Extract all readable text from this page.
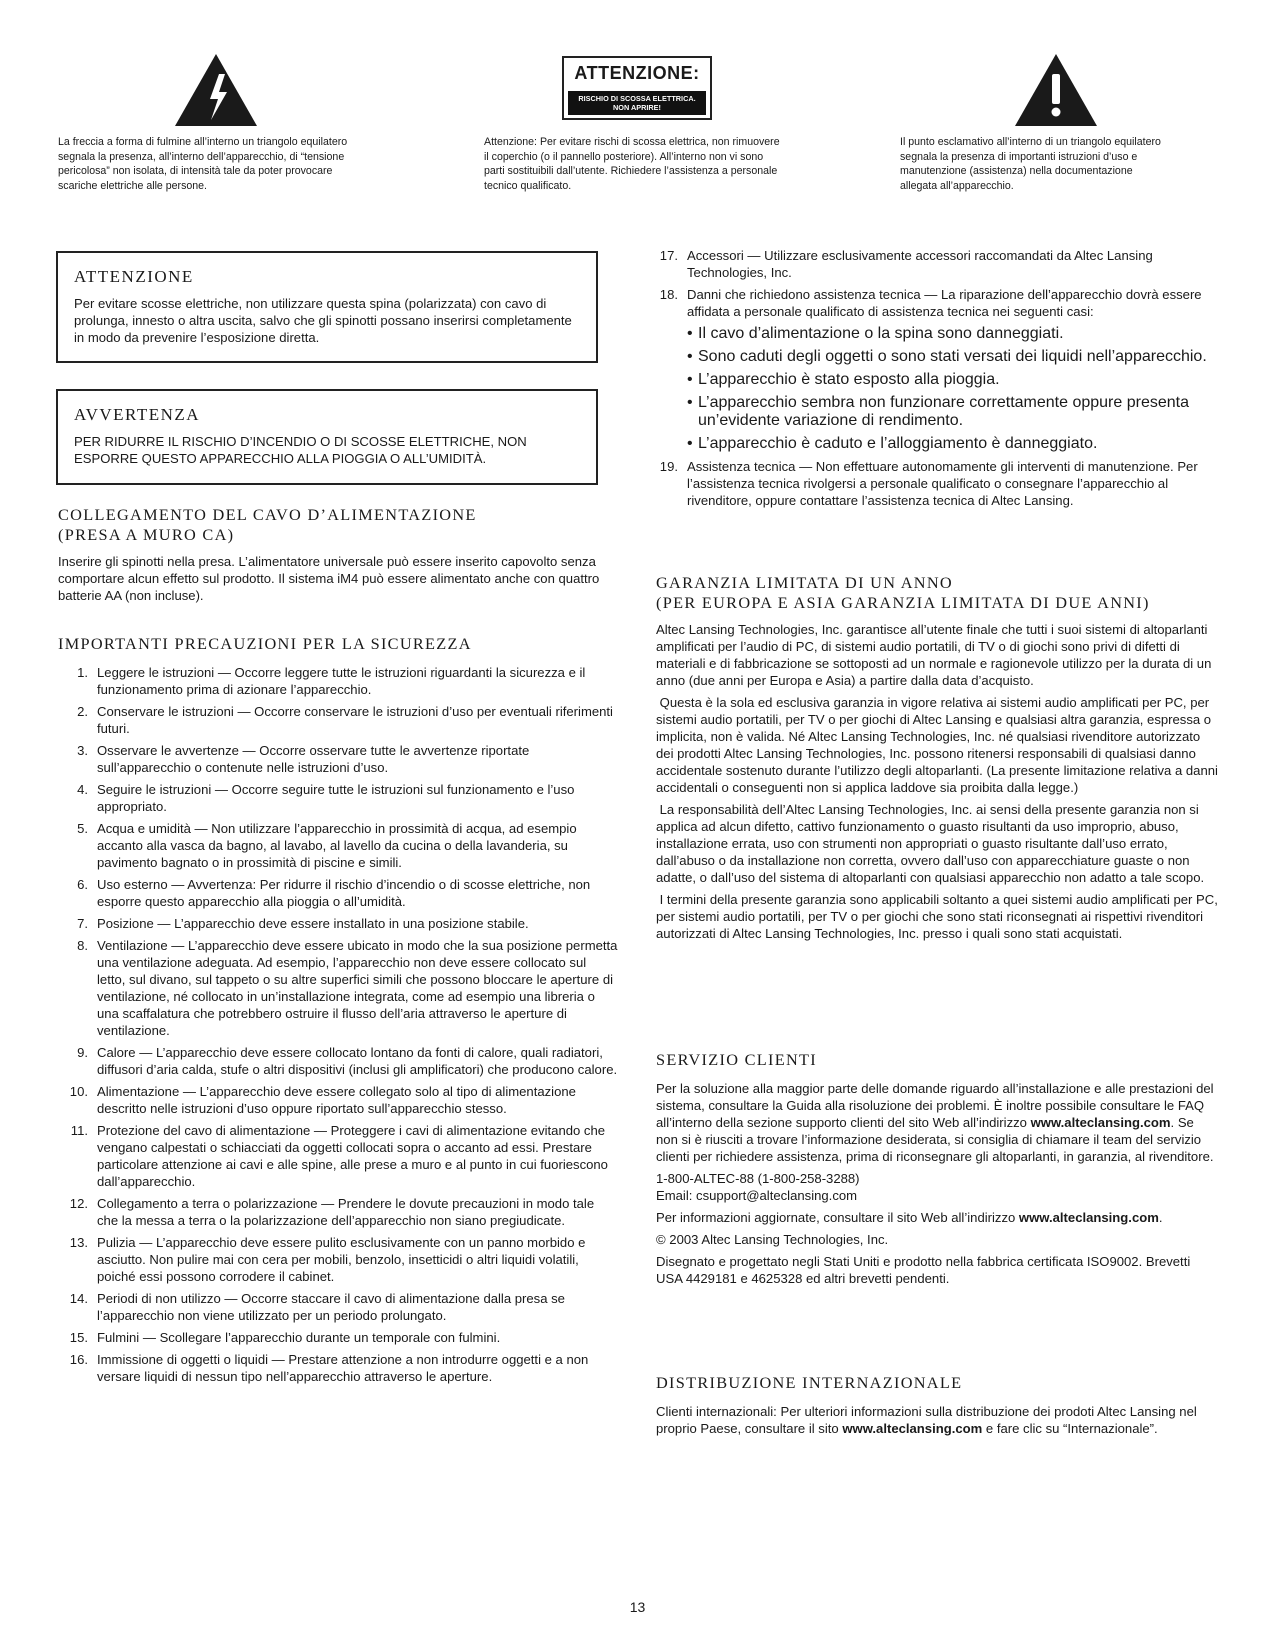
La freccia a forma di fulmine all’interno un triangolo equilatero segnala la presenza, all’interno dell’apparecchio, di “tensione pericolosa” non isolata, di intensità tale da poter provocare scariche elettriche alle persone.
ATTENZIONE:
RISCHIO DI SCOSSA ELETTRICA.
NON APRIRE!
Attenzione: Per evitare rischi di scossa elettrica, non rimuovere il coperchio (o il pannello posteriore). All’interno non vi sono parti sostituibili dall’utente. Richiedere l’assistenza a personale tecnico qualificato.
Il punto esclamativo all’interno di un triangolo equilatero segnala la presenza di importanti istruzioni d’uso e manutenzione (assistenza) nella documentazione allegata all’apparecchio.
ATTENZIONE
Per evitare scosse elettriche, non utilizzare questa spina (polarizzata) con cavo di prolunga, innesto o altra uscita, salvo che gli spinotti possano inserirsi completamente in modo da prevenire l’esposizione diretta.
AVVERTENZA
PER RIDURRE IL RISCHIO D’INCENDIO O DI SCOSSE ELETTRICHE, NON ESPORRE QUESTO APPARECCHIO ALLA PIOGGIA O ALL’UMIDITÀ.
COLLEGAMENTO DEL CAVO D’ALIMENTAZIONE
(PRESA A MURO CA)

Inserire gli spinotti nella presa. L’alimentatore universale può essere inserito capovolto senza comportare alcun effetto sul prodotto. Il sistema iM4 può essere alimentato anche con quattro batterie AA (non incluse).

IMPORTANTI PRECAUZIONI PER LA SICUREZZA
1. Leggere le istruzioni — Occorre leggere tutte le istruzioni riguardanti la sicurezza e il funzionamento prima di azionare l’apparecchio.
2. Conservare le istruzioni — Occorre conservare le istruzioni d’uso per eventuali riferimenti futuri.
3. Osservare le avvertenze — Occorre osservare tutte le avvertenze riportate sull’apparecchio o contenute nelle istruzioni d’uso.
4. Seguire le istruzioni — Occorre seguire tutte le istruzioni sul funzionamento e l’uso appropriato.
5. Acqua e umidità — Non utilizzare l’apparecchio in prossimità di acqua, ad esempio accanto alla vasca da bagno, al lavabo, al lavello da cucina o della lavanderia, su pavimento bagnato o in prossimità di piscine e simili.
6. Uso esterno — Avvertenza: Per ridurre il rischio d’incendio o di scosse elettriche, non esporre questo apparecchio alla pioggia o all’umidità.
7. Posizione — L’apparecchio deve essere installato in una posizione stabile.
8. Ventilazione — L’apparecchio deve essere ubicato in modo che la sua posizione permetta una ventilazione adeguata. Ad esempio, l’apparecchio non deve essere collocato sul letto, sul divano, sul tappeto o su altre superfici simili che possono bloccare le aperture di ventilazione, né collocato in un’installazione integrata, come ad esempio una libreria o una scaffalatura che potrebbero ostruire il flusso dell’aria attraverso le aperture di ventilazione.
9. Calore — L’apparecchio deve essere collocato lontano da fonti di calore, quali radiatori, diffusori d’aria calda, stufe o altri dispositivi (inclusi gli amplificatori) che producono calore.
10. Alimentazione — L’apparecchio deve essere collegato solo al tipo di alimentazione descritto nelle istruzioni d’uso oppure riportato sull’apparecchio stesso.
11. Protezione del cavo di alimentazione — Proteggere i cavi di alimentazione evitando che vengano calpestati o schiacciati da oggetti collocati sopra o accanto ad essi. Prestare particolare attenzione ai cavi e alle spine, alle prese a muro e al punto in cui fuoriescono dall’apparecchio.
12. Collegamento a terra o polarizzazione — Prendere le dovute precauzioni in modo tale che la messa a terra o la polarizzazione dell’apparecchio non siano pregiudicate.
13. Pulizia — L’apparecchio deve essere pulito esclusivamente con un panno morbido e asciutto. Non pulire mai con cera per mobili, benzolo, insetticidi o altri liquidi volatili, poiché essi possono corrodere il cabinet.
14. Periodi di non utilizzo — Occorre staccare il cavo di alimentazione dalla presa se l’apparecchio non viene utilizzato per un periodo prolungato.
15. Fulmini — Scollegare l’apparecchio durante un temporale con fulmini.
16. Immissione di oggetti o liquidi — Prestare attenzione a non introdurre oggetti e a non versare liquidi di nessun tipo nell’apparecchio attraverso le aperture.
17. Accessori — Utilizzare esclusivamente accessori raccomandati da Altec Lansing Technologies, Inc.
18. Danni che richiedono assistenza tecnica — La riparazione dell’apparecchio dovrà essere affidata a personale qualificato di assistenza tecnica nei seguenti casi:
• Il cavo d’alimentazione o la spina sono danneggiati.
• Sono caduti degli oggetti o sono stati versati dei liquidi nell’apparecchio.
• L’apparecchio è stato esposto alla pioggia.
• L’apparecchio sembra non funzionare correttamente oppure presenta un’evidente variazione di rendimento.
• L’apparecchio è caduto e l’alloggiamento è danneggiato.
19. Assistenza tecnica — Non effettuare autonomamente gli interventi di manutenzione. Per l’assistenza tecnica rivolgersi a personale qualificato o consegnare l’apparecchio al rivenditore, oppure contattare l’assistenza tecnica di Altec Lansing.
GARANZIA LIMITATA DI UN ANNO
(PER EUROPA E ASIA GARANZIA LIMITATA DI DUE ANNI)

Altec Lansing Technologies, Inc. garantisce all’utente finale che tutti i suoi sistemi di altoparlanti amplificati per l’audio di PC, di sistemi audio portatili, di TV o di giochi sono privi di difetti di materiali e di fabbricazione se sottoposti ad un normale e ragionevole utilizzo per la durata di un anno (due anni per Europa e Asia) a partire dalla data d’acquisto.

Questa è la sola ed esclusiva garanzia in vigore relativa ai sistemi audio amplificati per PC, per sistemi audio portatili, per TV o per giochi di Altec Lansing e qualsiasi altra garanzia, espressa o implicita, non è valida. Né Altec Lansing Technologies, Inc. né qualsiasi rivenditore autorizzato dei prodotti Altec Lansing Technologies, Inc. possono ritenersi responsabili di qualsiasi danno accidentale sostenuto durante l’utilizzo degli altoparlanti. (La presente limitazione relativa a danni accidentali o conseguenti non si applica laddove sia proibita dalla legge.)

La responsabilità dell’Altec Lansing Technologies, Inc. ai sensi della presente garanzia non si applica ad alcun difetto, cattivo funzionamento o guasto risultanti da uso improprio, abuso, installazione errata, uso con strumenti non appropriati o guasto risultante dall’uso errato, dall’abuso o da installazione non corretta, ovvero dall’uso con apparecchiature guaste o non adatte, o dall’uso del sistema di altoparlanti con qualsiasi apparecchio non adatto a tale scopo.

I termini della presente garanzia sono applicabili soltanto a quei sistemi audio amplificati per PC, per sistemi audio portatili, per TV o per giochi che sono stati riconsegnati ai rispettivi rivenditori autorizzati di Altec Lansing Technologies, Inc. presso i quali sono stati acquistati.

SERVIZIO CLIENTI

Per la soluzione alla maggior parte delle domande riguardo all’installazione e alle prestazioni del sistema, consultare la Guida alla risoluzione dei problemi. È inoltre possibile consultare le FAQ all’interno della sezione supporto clienti del sito Web all’indirizzo www.alteclansing.com. Se non si è riusciti a trovare l’informazione desiderata, si consiglia di chiamare il team del servizio clienti per richiedere assistenza, prima di riconsegnare gli altoparlanti, in garanzia, al rivenditore.

1-800-ALTEC-88 (1-800-258-3288)

Email: csupport@alteclansing.com

Per informazioni aggiornate, consultare il sito Web all’indirizzo www.alteclansing.com.

© 2003 Altec Lansing Technologies, Inc.

Disegnato e progettato negli Stati Uniti e prodotto nella fabbrica certificata ISO9002. Brevetti USA 4429181 e 4625328 ed altri brevetti pendenti.

DISTRIBUZIONE INTERNAZIONALE

Clienti internazionali: Per ulteriori informazioni sulla distribuzione dei prodoti Altec Lansing nel proprio Paese, consultare il sito www.alteclansing.com e fare clic su “Internazionale”.

13
